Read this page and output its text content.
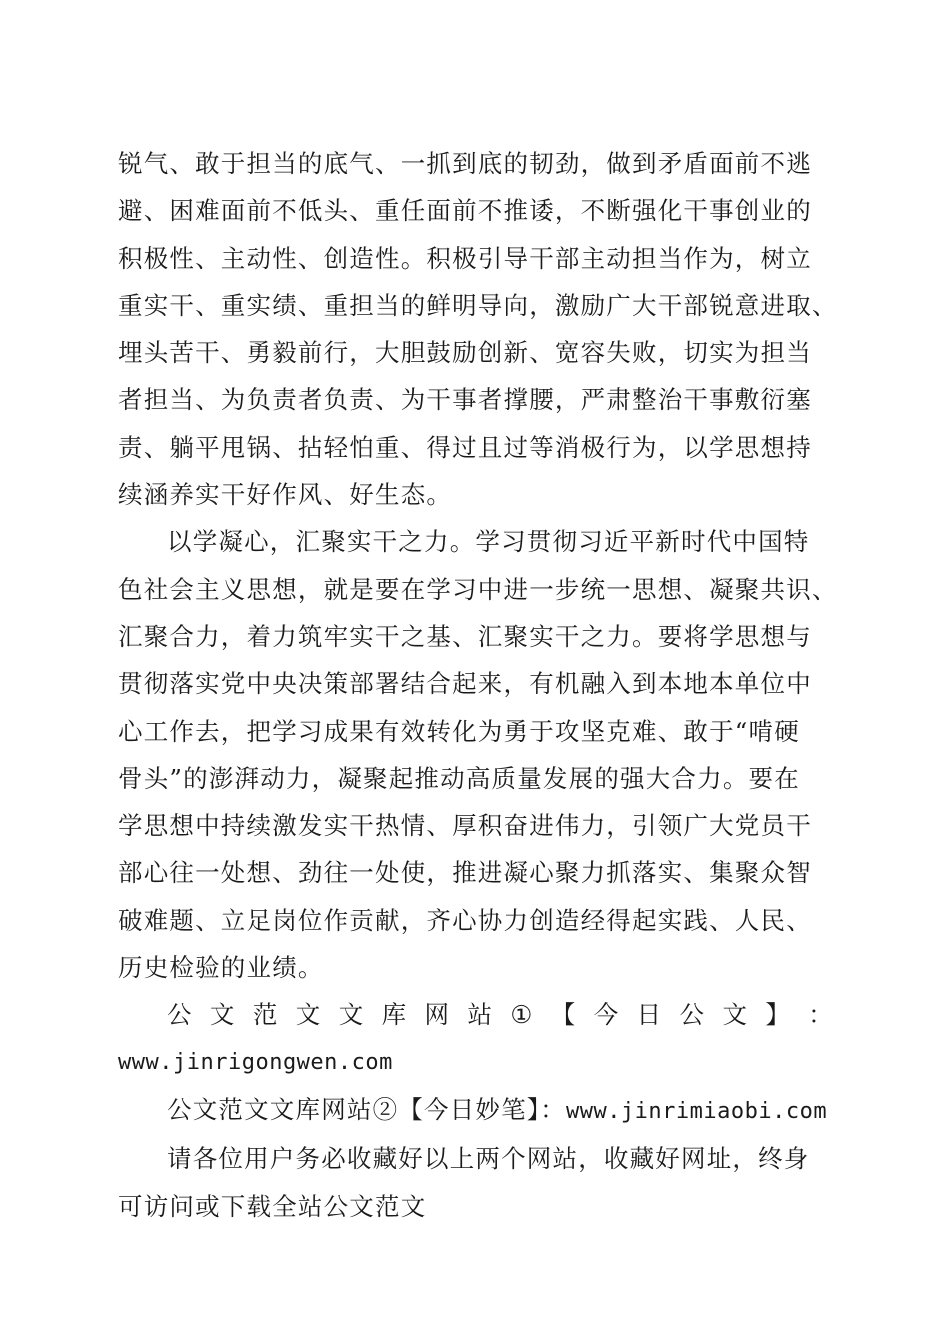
锐气、敢于担当的底气、一抓到底的韧劲，做到矛盾面前不逃
避、困难面前不低头、重任面前不推诿，不断强化干事创业的
积极性、主动性、创造性。积极引导干部主动担当作为，树立
重实干、重实绩、重担当的鲜明导向，激励广大干部锐意进取、
埋头苦干、勇毅前行，大胆鼓励创新、宽容失败，切实为担当
者担当、为负责者负责、为干事者撑腰，严肃整治干事敷衍塞
责、躺平甩锅、拈轻怕重、得过且过等消极行为，以学思想持
续涵养实干好作风、好生态。

以学凝心，汇聚实干之力。学习贯彻习近平新时代中国特
色社会主义思想，就是要在学习中进一步统一思想、凝聚共识、
汇聚合力，着力筑牢实干之基、汇聚实干之力。要将学思想与
贯彻落实党中央决策部署结合起来，有机融入到本地本单位中
心工作去，把学习成果有效转化为勇于攻坚克难、敢于“啃硬
骨头”的澎湃动力，凝聚起推动高质量发展的强大合力。要在
学思想中持续激发实干热情、厚积奋进伟力，引领广大党员干
部心往一处想、劲往一处使，推进凝心聚力抓落实、集聚众智
破难题、立足岗位作贡献，齐心协力创造经得起实践、人民、
历史检验的业绩。

公 文 范 文 文 库 网 站 ① 【 今 日 公 文 】 ：
www.jinrigongwen.com

公文范文文库网站②【今日妙笔】：www.jinrimiaobi.com

请各位用户务必收藏好以上两个网站，收藏好网址，终身
可访问或下载全站公文范文
